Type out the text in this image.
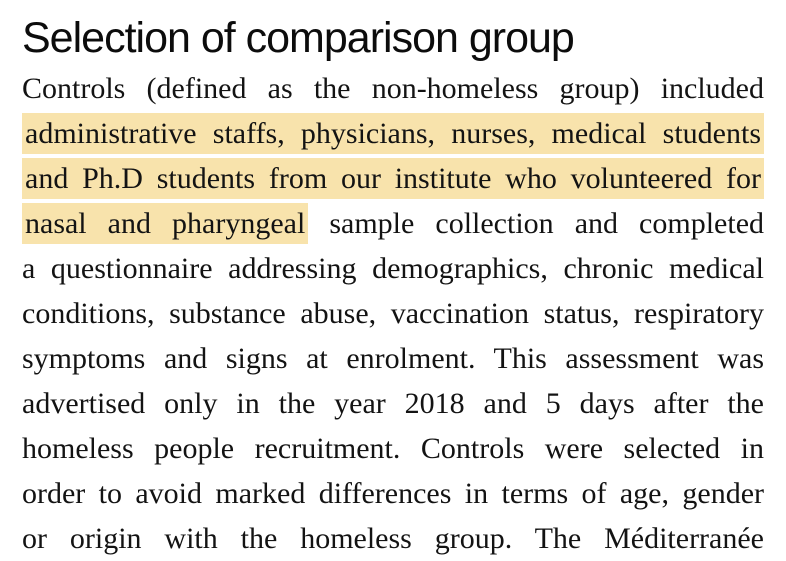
Selection of comparison group
Controls (defined as the non-homeless group) included
administrative staffs, physicians, nurses, medical students
and Ph.D students from our institute who volunteered for
nasal and pharyngeal sample collection and completed
a questionnaire addressing demographics, chronic medical
conditions, substance abuse, vaccination status, respiratory
symptoms and signs at enrolment. This assessment was
advertised only in the year 2018 and 5 days after the
homeless people recruitment. Controls were selected in
order to avoid marked differences in terms of age, gender
or origin with the homeless group. The Méditerranée
